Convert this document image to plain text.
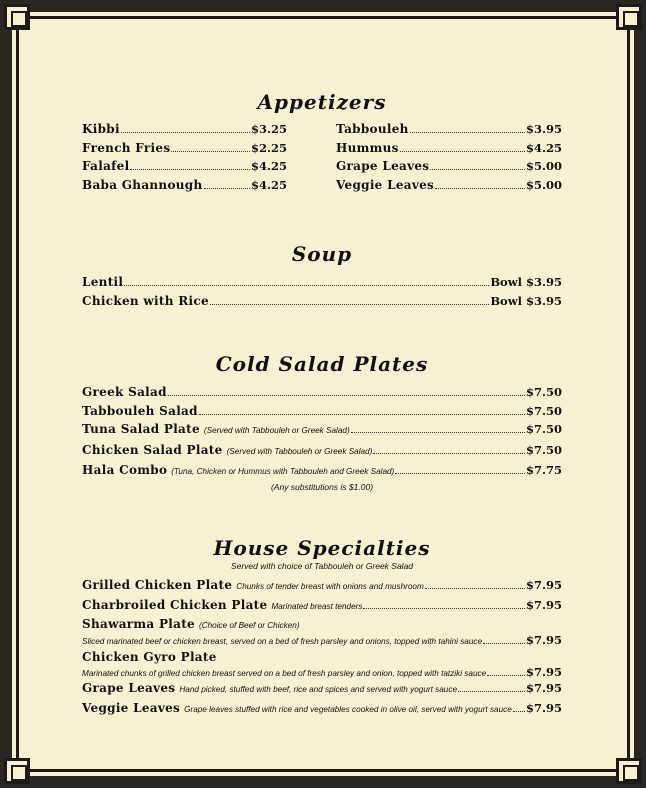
Appetizers
Kibbi	$3.25
French Fries	$2.25
Falafel	$4.25
Baba Ghannough	$4.25
Tabbouleh	$3.95
Hummus	$4.25
Grape Leaves	$5.00
Veggie Leaves	$5.00
Soup
Lentil	Bowl $3.95
Chicken with Rice	Bowl $3.95
Cold Salad Plates
Greek Salad	$7.50
Tabbouleh Salad	$7.50
Tuna Salad Plate (Served with Tabbouleh or Greek Salad)	$7.50
Chicken Salad Plate (Served with Tabbouleh or Greek Salad)	$7.50
Hala Combo (Tuna, Chicken or Hummus with Tabbouleh and Greek Salad)	$7.75
(Any substitutions is $1.00)
House Specialties
Served with choice of Tabbouleh or Greek Salad
Grilled Chicken Plate Chunks of tender breast with onions and mushroom	$7.95
Charbroiled Chicken Plate Marinated breast tenders	$7.95
Shawarma Plate (Choice of Beef or Chicken)
Sliced marinated beef or chicken breast, served on a bed of fresh parsley and onions, topped with tahini sauce	$7.95
Chicken Gyro Plate
Marinated chunks of grilled chicken breast served on a bed of fresh parsley and onion, topped with tatziki sauce	$7.95
Grape Leaves Hand picked, stuffed with beef, rice and spices and served with yogurt sauce	$7.95
Veggie Leaves Grape leaves stuffed with rice and vegetables cooked in olive oil, served with yogurt sauce $7.95
